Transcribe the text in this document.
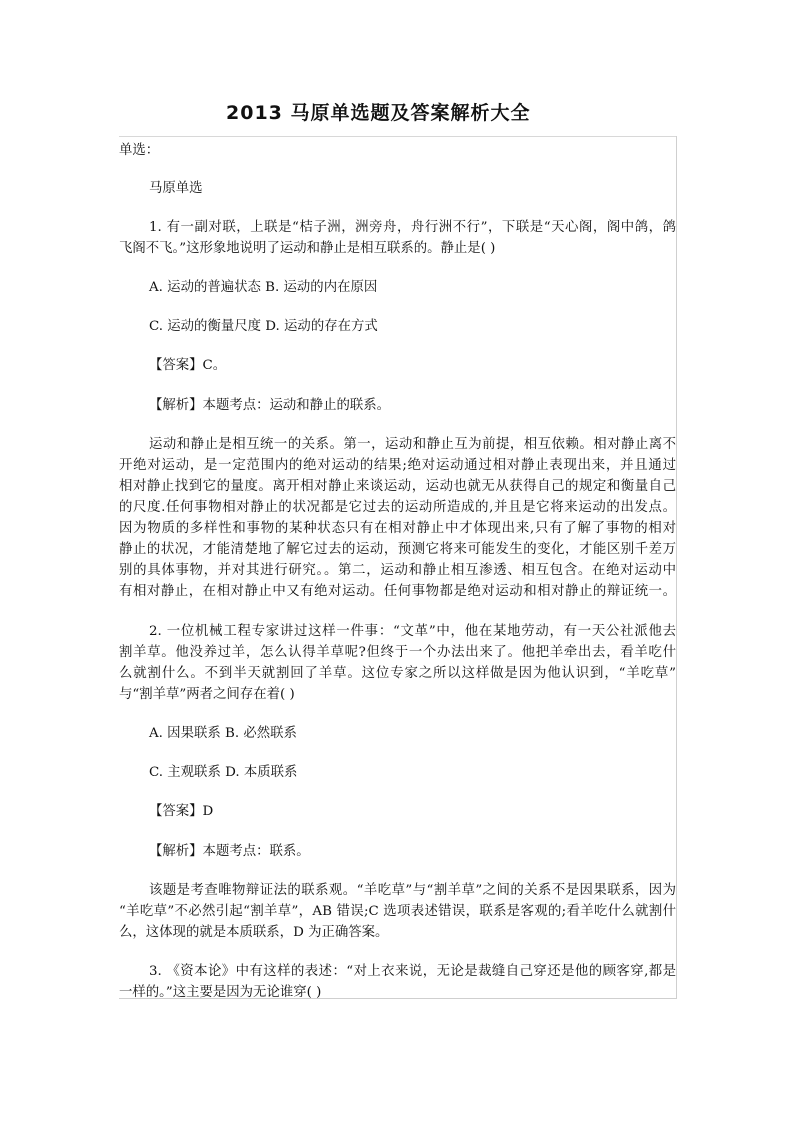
2013 马原单选题及答案解析大全
单选：
马原单选
1. 有一副对联，上联是“桔子洲，洲旁舟，舟行洲不行”，下联是“天心阁，阁中鸽，鸽
飞阁不飞。”这形象地说明了运动和静止是相互联系的。静止是( )
A. 运动的普遍状态 B. 运动的内在原因
C. 运动的衡量尺度 D. 运动的存在方式
【答案】C。
【解析】本题考点：运动和静止的联系。
运动和静止是相互统一的关系。第一，运动和静止互为前提，相互依赖。相对静止离不
开绝对运动，是一定范围内的绝对运动的结果;绝对运动通过相对静止表现出来，并且通过
相对静止找到它的量度。离开相对静止来谈运动，运动也就无从获得自己的规定和衡量自己
的尺度.任何事物相对静止的状况都是它过去的运动所造成的,并且是它将来运动的出发点。
因为物质的多样性和事物的某种状态只有在相对静止中才体现出来,只有了解了事物的相对
静止的状况，才能清楚地了解它过去的运动，预测它将来可能发生的变化，才能区别千差万
别的具体事物，并对其进行研究。。第二，运动和静止相互渗透、相互包含。在绝对运动中
有相对静止，在相对静止中又有绝对运动。任何事物都是绝对运动和相对静止的辩证统一。
2. 一位机械工程专家讲过这样一件事：“文革”中，他在某地劳动，有一天公社派他去
割羊草。他没养过羊，怎么认得羊草呢?但终于一个办法出来了。他把羊牵出去，看羊吃什
么就割什么。不到半天就割回了羊草。这位专家之所以这样做是因为他认识到，“羊吃草”
与“割羊草”两者之间存在着( )
A. 因果联系 B. 必然联系
C. 主观联系 D. 本质联系
【答案】D
【解析】本题考点：联系。
该题是考查唯物辩证法的联系观。“羊吃草”与“割羊草”之间的关系不是因果联系，因为
“羊吃草”不必然引起“割羊草”，AB 错误;C 选项表述错误，联系是客观的;看羊吃什么就割什
么，这体现的就是本质联系，D 为正确答案。
3. 《资本论》中有这样的表述：“对上衣来说，无论是裁缝自己穿还是他的顾客穿,都是
一样的。”这主要是因为无论谁穿( )
